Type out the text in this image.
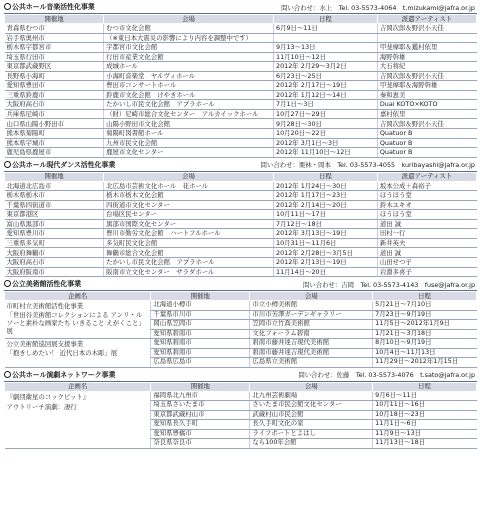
公共ホール音楽活性化事業	問い合わせ：水上　Tel. 03-5573-4064　t.mizukami@jafra.or.jp
開催地	会場	日程	派遣アーティスト
青森県むつ市	むつ市文化会館	6月9日～11日	吉岡次郎＆野沢小天佳
岩手県奥州市	（※東日本大震災の影響により内容を調整中です）		
栃木県宇都宮市	宇都宮市文化会館	9月13～13日	甲斐摩耶＆鑑村依里
埼玉県行田市	行田市産業文化会館	11月10日～12日	海野幹雄
東京都武蔵野区	成城ホール	2012年 2月29～3月2日	大石将紀
長野県小海町	小海町音楽堂　ヤルヴィホール	6月23日～25日	吉岡次郎＆野沢小天佳
愛知県豊田市	豊田市コンサートホール	2012年 2月17日～19日	甲斐摩耶＆海野幹雄
三重県鈴鹿市	鈴鹿市文化会館　けやきホール	2012年 1月12日～14日	秦和恵美
大阪府高石市	たかいし市民文化会館　アプラホール	7月1日～3日	Duai KOTO×KOTO
兵庫県尼崎市	（財）尼崎市総合文化センター　アルカイックホール	10月27日～29日	嘉村依里
山口県山陽小野田市	山陽小野田市文化会館	9月28日～30日	吉岡次郎＆野沢小天佳
熊本県菊陽町	菊陽町図書館ホール	10月20日～22日	Quatuor B
熊本県宇城市	九州市民文化会館	2012年 3月1日～3日	Quatuor B
鹿児島県鹿屋市	鹿屋市文化センター	2012年 11月10日～12日	Quatuor B
公共ホール現代ダンス活性化事業	問い合わせ：栗林・岡本　Tel. 03-5573-4055　kuribayashi@jafra.or.jp
開催地	会場	日程	派遣アーティスト
北海道北広島市	北広島市芸術文化ホール　花ホール	2012年 1月24日～30日	坂本公成＋森裕子
栃木県栃木市	栃木市栃木文化会館	2012年 1月17日～23日	ほうほう堂
千葉県四街道市	四街道市文化センター	2012年 2月14日～20日	鈴木ユキオ
東京都港区	台場区民センター	10月11日～17日	ほうほう堂
富山県黒部市	黒部市国際文化センター	7月12日～18日	道田 誠
愛知県豊川市	豊川市勤労文化会館　ハートフルホール	2012年 3月13日～19日	田村一行
三重県多気町	多気町民文化会館	10月31日～11月6日	新井英夫
大阪府舞鶴市	舞鶴市総合文化会館	2012年 2月28日～3月5日	道田 誠
大阪府高石市	たかいし市民文化会館　アプラホール	2012年 2月13日～19日	山田せつ子
大阪府阪南市	阪南市立文化センター　サラダホール	11月14日～20日	岩淵多喜子
公立美術館活性化事業	問い合わせ：吉岡　Tel. 03-5573-4143　fuse@jafra.or.jp
企画名	開催地	会場	日程

市町村立美術館活性化事業
「世田谷美術館コレクションによる アンリ・ルソーと素朴な画家たち いきること えがくこと」展	北海道小樽市	市立小樽美術館	5月21日～7月10日
	千葉県市川市	市川市芳澤ガーデンギャラリー	7月23日～9月19日
	岡山県笠岡市	笠岡市立竹喬美術館	11月5日～2012年1月9日
	愛知県碧南市	文化フォーラム碧南	1月21日～3月18日

公立美術館巡回展支援事業
「抱きしめたい！ 近代日本の木彫」展	愛知県碧南市	碧南市藤井達吉現代美術館	8月10日～9月19日
	愛知県碧南市	碧南市藤井達吉現代美術館	10月4日～11月13日
	広島県広島市	広島県立美術館	11月29日～2012年1月15日
公共ホール演劇ネットワーク事業	問い合わせ：佐藤　Tel. 03-5573-4076　t.sato@jafra.or.jp
企画名	開催地	会場	日程

『劇団衛星のコックピット』
アウトリーチ演劇：凄行	福岡県北九州市	北九州芸術劇場	9月6日～11日
	埼玉県さいたま市	さいたま市民会館文化センター	10月11日～16日
	東京都武蔵村山市	武蔵村山市民会館	10月18日～23日
	愛知県長久手町	長久手町文化の家	11月1日～6日
	愛知県豊橋市	ライフポートとよはし	11月9日～13日
	奈良県奈良市	なら100年会館	11月13日～18日
